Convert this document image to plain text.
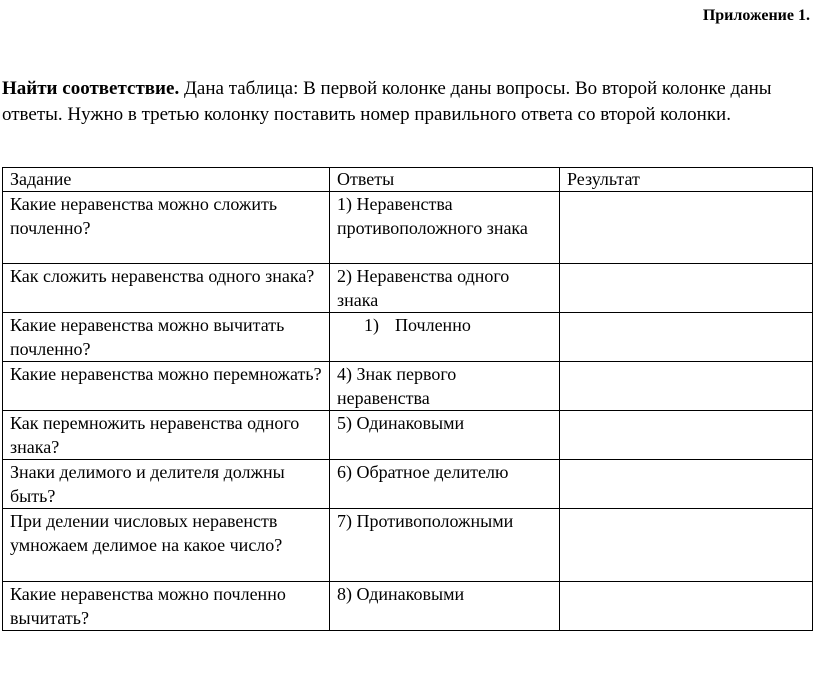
Приложение 1.

Найти соответствие. Дана таблица: В первой колонке даны вопросы. Во второй колонке даны ответы. Нужно в третью колонку поставить номер правильного ответа со второй колонки.

Задание	Ответы	Результат
Какие неравенства можно сложить почленно?	1) Неравенства противоположного знака	
Как сложить неравенства одного знака?	2) Неравенства одного знака	
Какие неравенства можно вычитать почленно?	1) Почленно	
Какие неравенства можно перемножать?	4) Знак первого неравенства	
Как перемножить неравенства одного знака?	5) Одинаковыми	
Знаки делимого и делителя должны быть?	6) Обратное делителю	
При делении числовых неравенств умножаем делимое на какое число?	7) Противоположными	
Какие неравенства можно почленно вычитать?	8) Одинаковыми	
